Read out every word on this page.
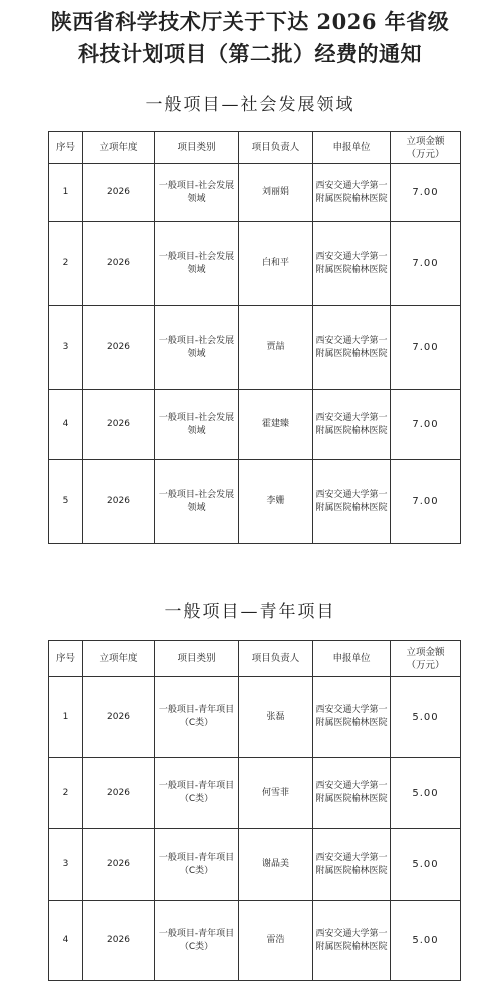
陕西省科学技术厅关于下达 2026 年省级
科技计划项目（第二批）经费的通知
一般项目—社会发展领域
序号	立项年度	项目类别	项目负责人	申报单位	立项金额
（万元）
1	2026	一般项目-社会发展领域	刘丽娟	西安交通大学第一附属医院榆林医院	7.00
2	2026	一般项目-社会发展领域	白和平	西安交通大学第一附属医院榆林医院	7.00
3	2026	一般项目-社会发展领域	贾喆	西安交通大学第一附属医院榆林医院	7.00
4	2026	一般项目-社会发展领域	霍建臻	西安交通大学第一附属医院榆林医院	7.00
5	2026	一般项目-社会发展领域	李姗	西安交通大学第一附属医院榆林医院	7.00
一般项目—青年项目
序号	立项年度	项目类别	项目负责人	申报单位	立项金额
（万元）
1	2026	一般项目-青年项目（C类）	张磊	西安交通大学第一附属医院榆林医院	5.00
2	2026	一般项目-青年项目（C类）	何雪菲	西安交通大学第一附属医院榆林医院	5.00
3	2026	一般项目-青年项目（C类）	谢晶美	西安交通大学第一附属医院榆林医院	5.00
4	2026	一般项目-青年项目（C类）	雷浩	西安交通大学第一附属医院榆林医院	5.00
